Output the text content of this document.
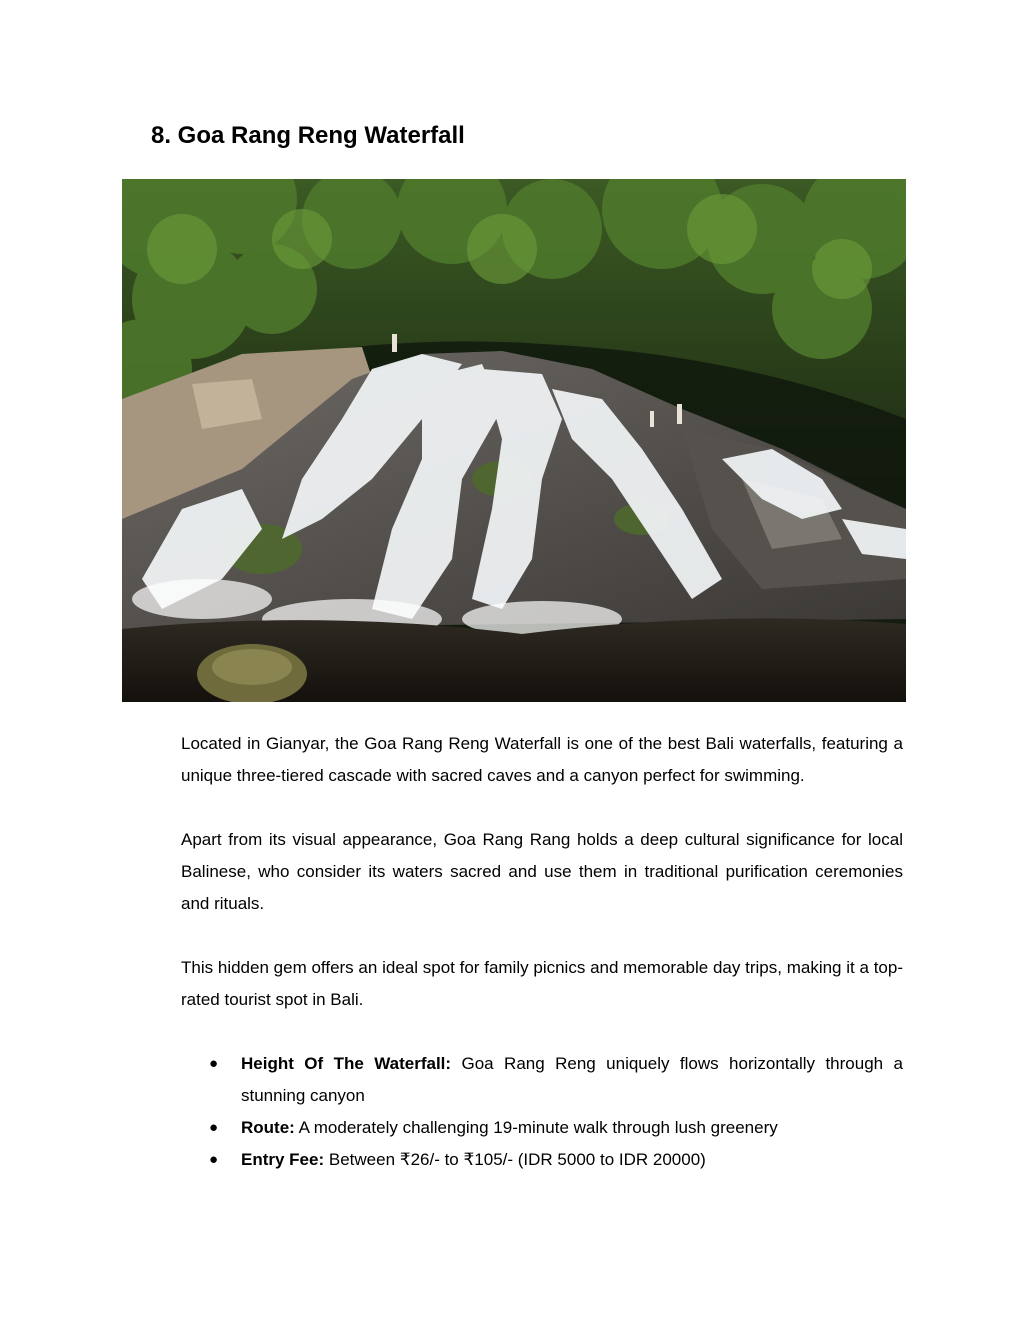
8. Goa Rang Reng Waterfall

Located in Gianyar, the Goa Rang Reng Waterfall is one of the best Bali waterfalls, featuring a unique three-tiered cascade with sacred caves and a canyon perfect for swimming.

Apart from its visual appearance, Goa Rang Rang holds a deep cultural significance for local Balinese, who consider its waters sacred and use them in traditional purification ceremonies and rituals.

This hidden gem offers an ideal spot for family picnics and memorable day trips, making it a top-rated tourist spot in Bali.

● Height Of The Waterfall: Goa Rang Reng uniquely flows horizontally through a stunning canyon
● Route: A moderately challenging 19-minute walk through lush greenery
● Entry Fee: Between ₹26/- to ₹105/- (IDR 5000 to IDR 20000)
